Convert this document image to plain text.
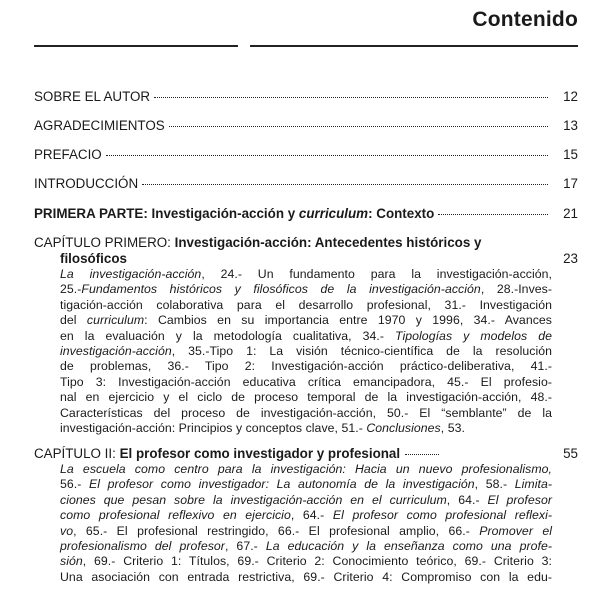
Contenido
SOBRE EL AUTOR	12
AGRADECIMIENTOS	13
PREFACIO	15
INTRODUCCIÓN	17
PRIMERA PARTE: Investigación-acción y curriculum: Contexto	21
CAPÍTULO PRIMERO: Investigación-acción: Antecedentes históricos y
filosóficos	23
La investigación-acción, 24.- Un fundamento para la investigación-acción,
25.-Fundamentos históricos y filosóficos de la investigación-acción, 28.-Inves-
tigación-acción colaborativa para el desarrollo profesional, 31.- Investigación
del curriculum: Cambios en su importancia entre 1970 y 1996, 34.- Avances
en la evaluación y la metodología cualitativa, 34.- Tipologías y modelos de
investigación-acción, 35.-Tipo 1: La visión técnico-científica de la resolución
de problemas, 36.- Tipo 2: Investigación-acción práctico-deliberativa, 41.-
Tipo 3: Investigación-acción educativa crítica emancipadora, 45.- El profesio-
nal en ejercicio y el ciclo de proceso temporal de la investigación-acción, 48.-
Características del proceso de investigación-acción, 50.- El “semblante” de la
investigación-acción: Principios y conceptos clave, 51.- Conclusiones, 53.
CAPÍTULO II: El profesor como investigador y profesional	55
La escuela como centro para la investigación: Hacia un nuevo profesionalismo,
56.- El profesor como investigador: La autonomía de la investigación, 58.- Limita-
ciones que pesan sobre la investigación-acción en el curriculum, 64.- El profesor
como profesional reflexivo en ejercicio, 64.- El profesor como profesional reflexi-
vo, 65.- El profesional restringido, 66.- El profesional amplio, 66.- Promover el
profesionalismo del profesor, 67.- La educación y la enseñanza como una profe-
sión, 69.- Criterio 1: Títulos, 69.- Criterio 2: Conocimiento teórico, 69.- Criterio 3:
Una asociación con entrada restrictiva, 69.- Criterio 4: Compromiso con la edu-
